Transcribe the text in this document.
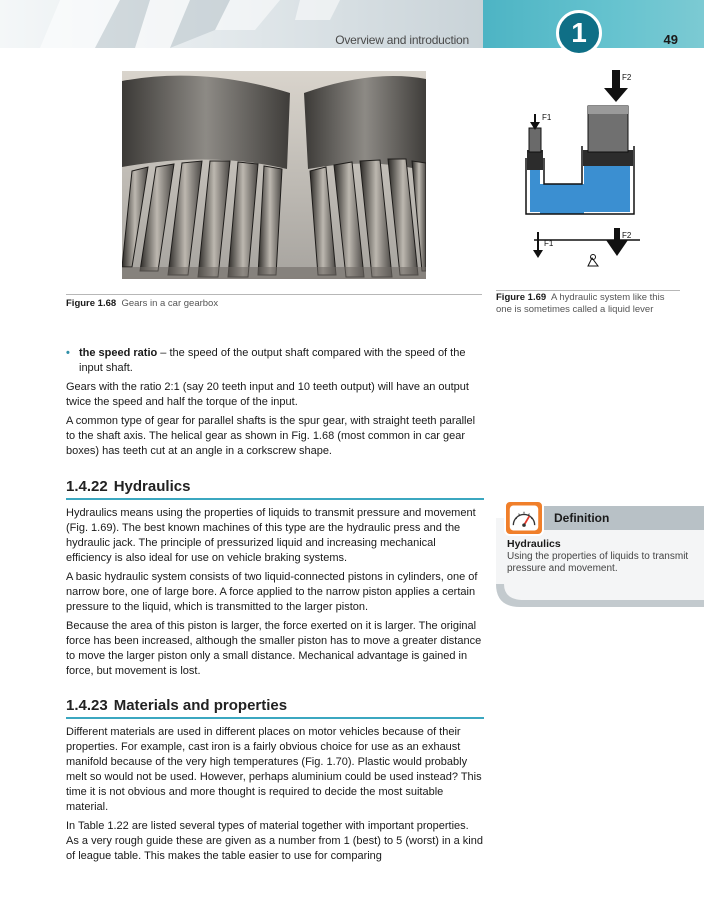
Overview and introduction	1	49
Figure 1.68 Gears in a car gearbox
F1
F2
F1
F2
Figure 1.69 A hydraulic system like this one is sometimes called a liquid lever

• the speed ratio – the speed of the output shaft compared with the speed of the input shaft.

Gears with the ratio 2:1 (say 20 teeth input and 10 teeth output) will have an output twice the speed and half the torque of the input.

A common type of gear for parallel shafts is the spur gear, with straight teeth parallel to the shaft axis. The helical gear as shown in Fig. 1.68 (most common in car gear boxes) has teeth cut at an angle in a corkscrew shape.

1.4.22 Hydraulics

Hydraulics means using the properties of liquids to transmit pressure and movement (Fig. 1.69). The best known machines of this type are the hydraulic press and the hydraulic jack. The principle of pressurized liquid and increasing mechanical efficiency is also ideal for use on vehicle braking systems.

A basic hydraulic system consists of two liquid-connected pistons in cylinders, one of narrow bore, one of large bore. A force applied to the narrow piston applies a certain pressure to the liquid, which is transmitted to the larger piston.

Because the area of this piston is larger, the force exerted on it is larger. The original force has been increased, although the smaller piston has to move a greater distance to move the larger piston only a small distance. Mechanical advantage is gained in force, but movement is lost.

Definition
Hydraulics
Using the properties of liquids to transmit pressure and movement.
1.4.23 Materials and properties

Different materials are used in different places on motor vehicles because of their properties. For example, cast iron is a fairly obvious choice for use as an exhaust manifold because of the very high temperatures (Fig. 1.70). Plastic would probably melt so would not be used. However, perhaps aluminium could be used instead? This time it is not obvious and more thought is required to decide the most suitable material.

In Table 1.22 are listed several types of material together with important properties. As a very rough guide these are given as a number from 1 (best) to 5 (worst) in a kind of league table. This makes the table easier to use for comparing
